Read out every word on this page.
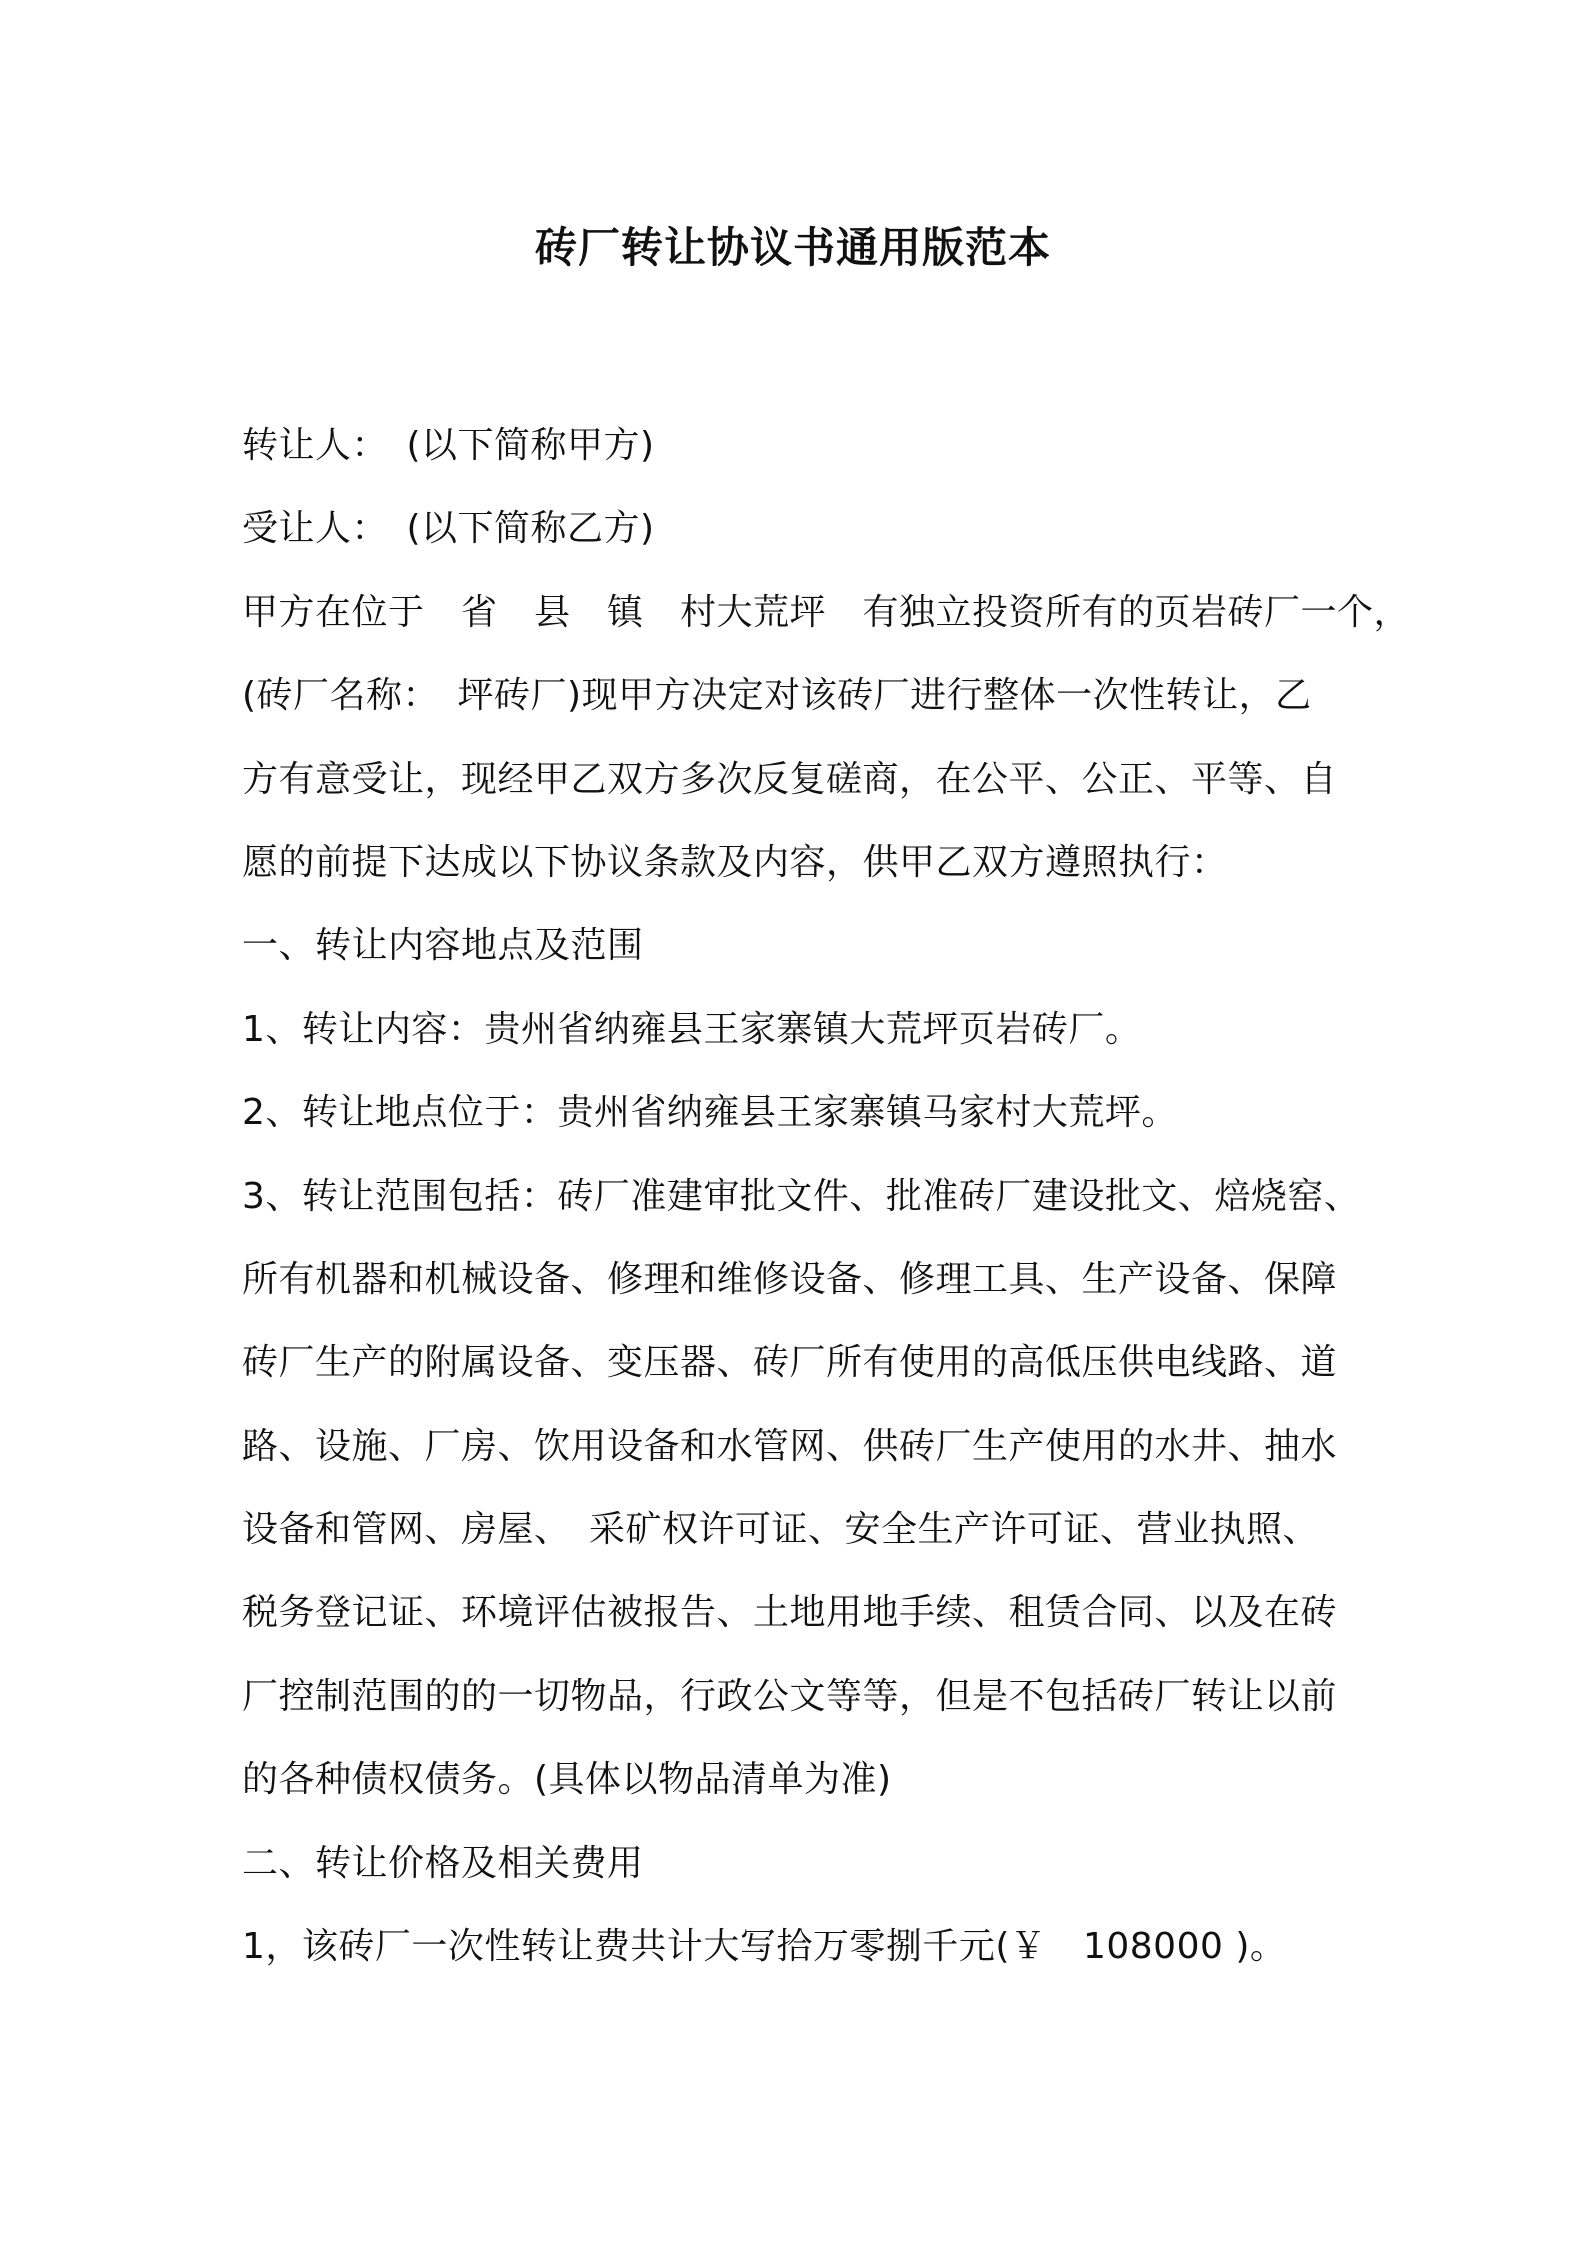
砖厂转让协议书通用版范本
转让人：　(以下简称甲方)
受让人：　(以下简称乙方)
甲方在位于　省　县　镇　村大荒坪　有独立投资所有的页岩砖厂一个，
(砖厂名称：　坪砖厂)现甲方决定对该砖厂进行整体一次性转让，乙
方有意受让，现经甲乙双方多次反复磋商，在公平、公正、平等、自
愿的前提下达成以下协议条款及内容，供甲乙双方遵照执行：
一、转让内容地点及范围
1、转让内容：贵州省纳雍县王家寨镇大荒坪页岩砖厂。
2、转让地点位于：贵州省纳雍县王家寨镇马家村大荒坪。
3、转让范围包括：砖厂准建审批文件、批准砖厂建设批文、焙烧窑、
所有机器和机械设备、修理和维修设备、修理工具、生产设备、保障
砖厂生产的附属设备、变压器、砖厂所有使用的高低压供电线路、道
路、设施、厂房、饮用设备和水管网、供砖厂生产使用的水井、抽水
设备和管网、房屋、　采矿权许可证、安全生产许可证、营业执照、
税务登记证、环境评估被报告、土地用地手续、租赁合同、以及在砖
厂控制范围的的一切物品，行政公文等等，但是不包括砖厂转让以前
的各种债权债务。(具体以物品清单为准)
二、转让价格及相关费用
1，该砖厂一次性转让费共计大写拾万零捌千元(￥　108000 )。
